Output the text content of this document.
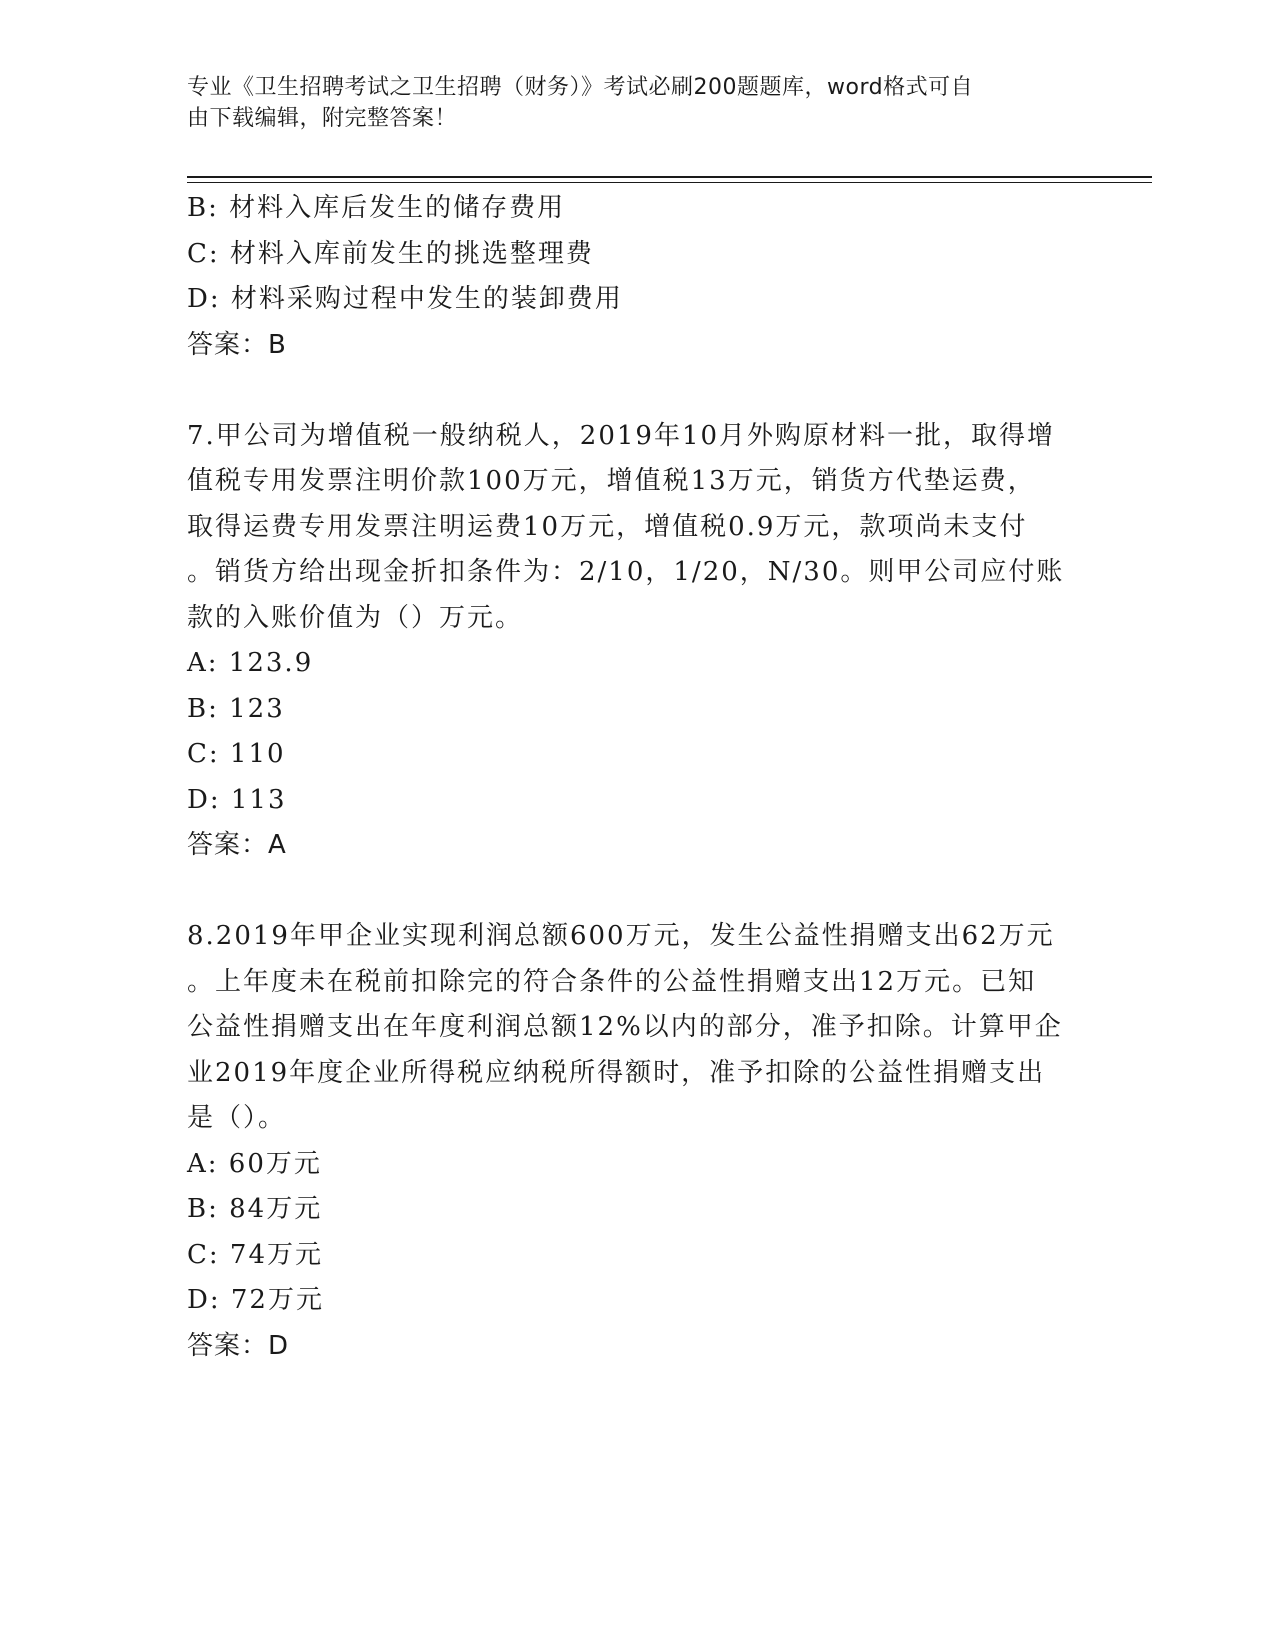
专业《卫生招聘考试之卫生招聘（财务）》考试必刷200题题库，word格式可自
由下载编辑，附完整答案！
B: 材料入库后发生的储存费用
C: 材料入库前发生的挑选整理费
D: 材料采购过程中发生的装卸费用
答案：B
7.甲公司为增值税一般纳税人，2019年10月外购原材料一批，取得增
值税专用发票注明价款100万元，增值税13万元，销货方代垫运费，
取得运费专用发票注明运费10万元，增值税0.9万元，款项尚未支付
。销货方给出现金折扣条件为：2/10，1/20，N/30。则甲公司应付账
款的入账价值为（）万元。
A: 123.9
B: 123
C: 110
D: 113
答案：A
8.2019年甲企业实现利润总额600万元，发生公益性捐赠支出62万元
。上年度未在税前扣除完的符合条件的公益性捐赠支出12万元。已知
公益性捐赠支出在年度利润总额12%以内的部分，准予扣除。计算甲企
业2019年度企业所得税应纳税所得额时，准予扣除的公益性捐赠支出
是（）。
A: 60万元
B: 84万元
C: 74万元
D: 72万元
答案：D
